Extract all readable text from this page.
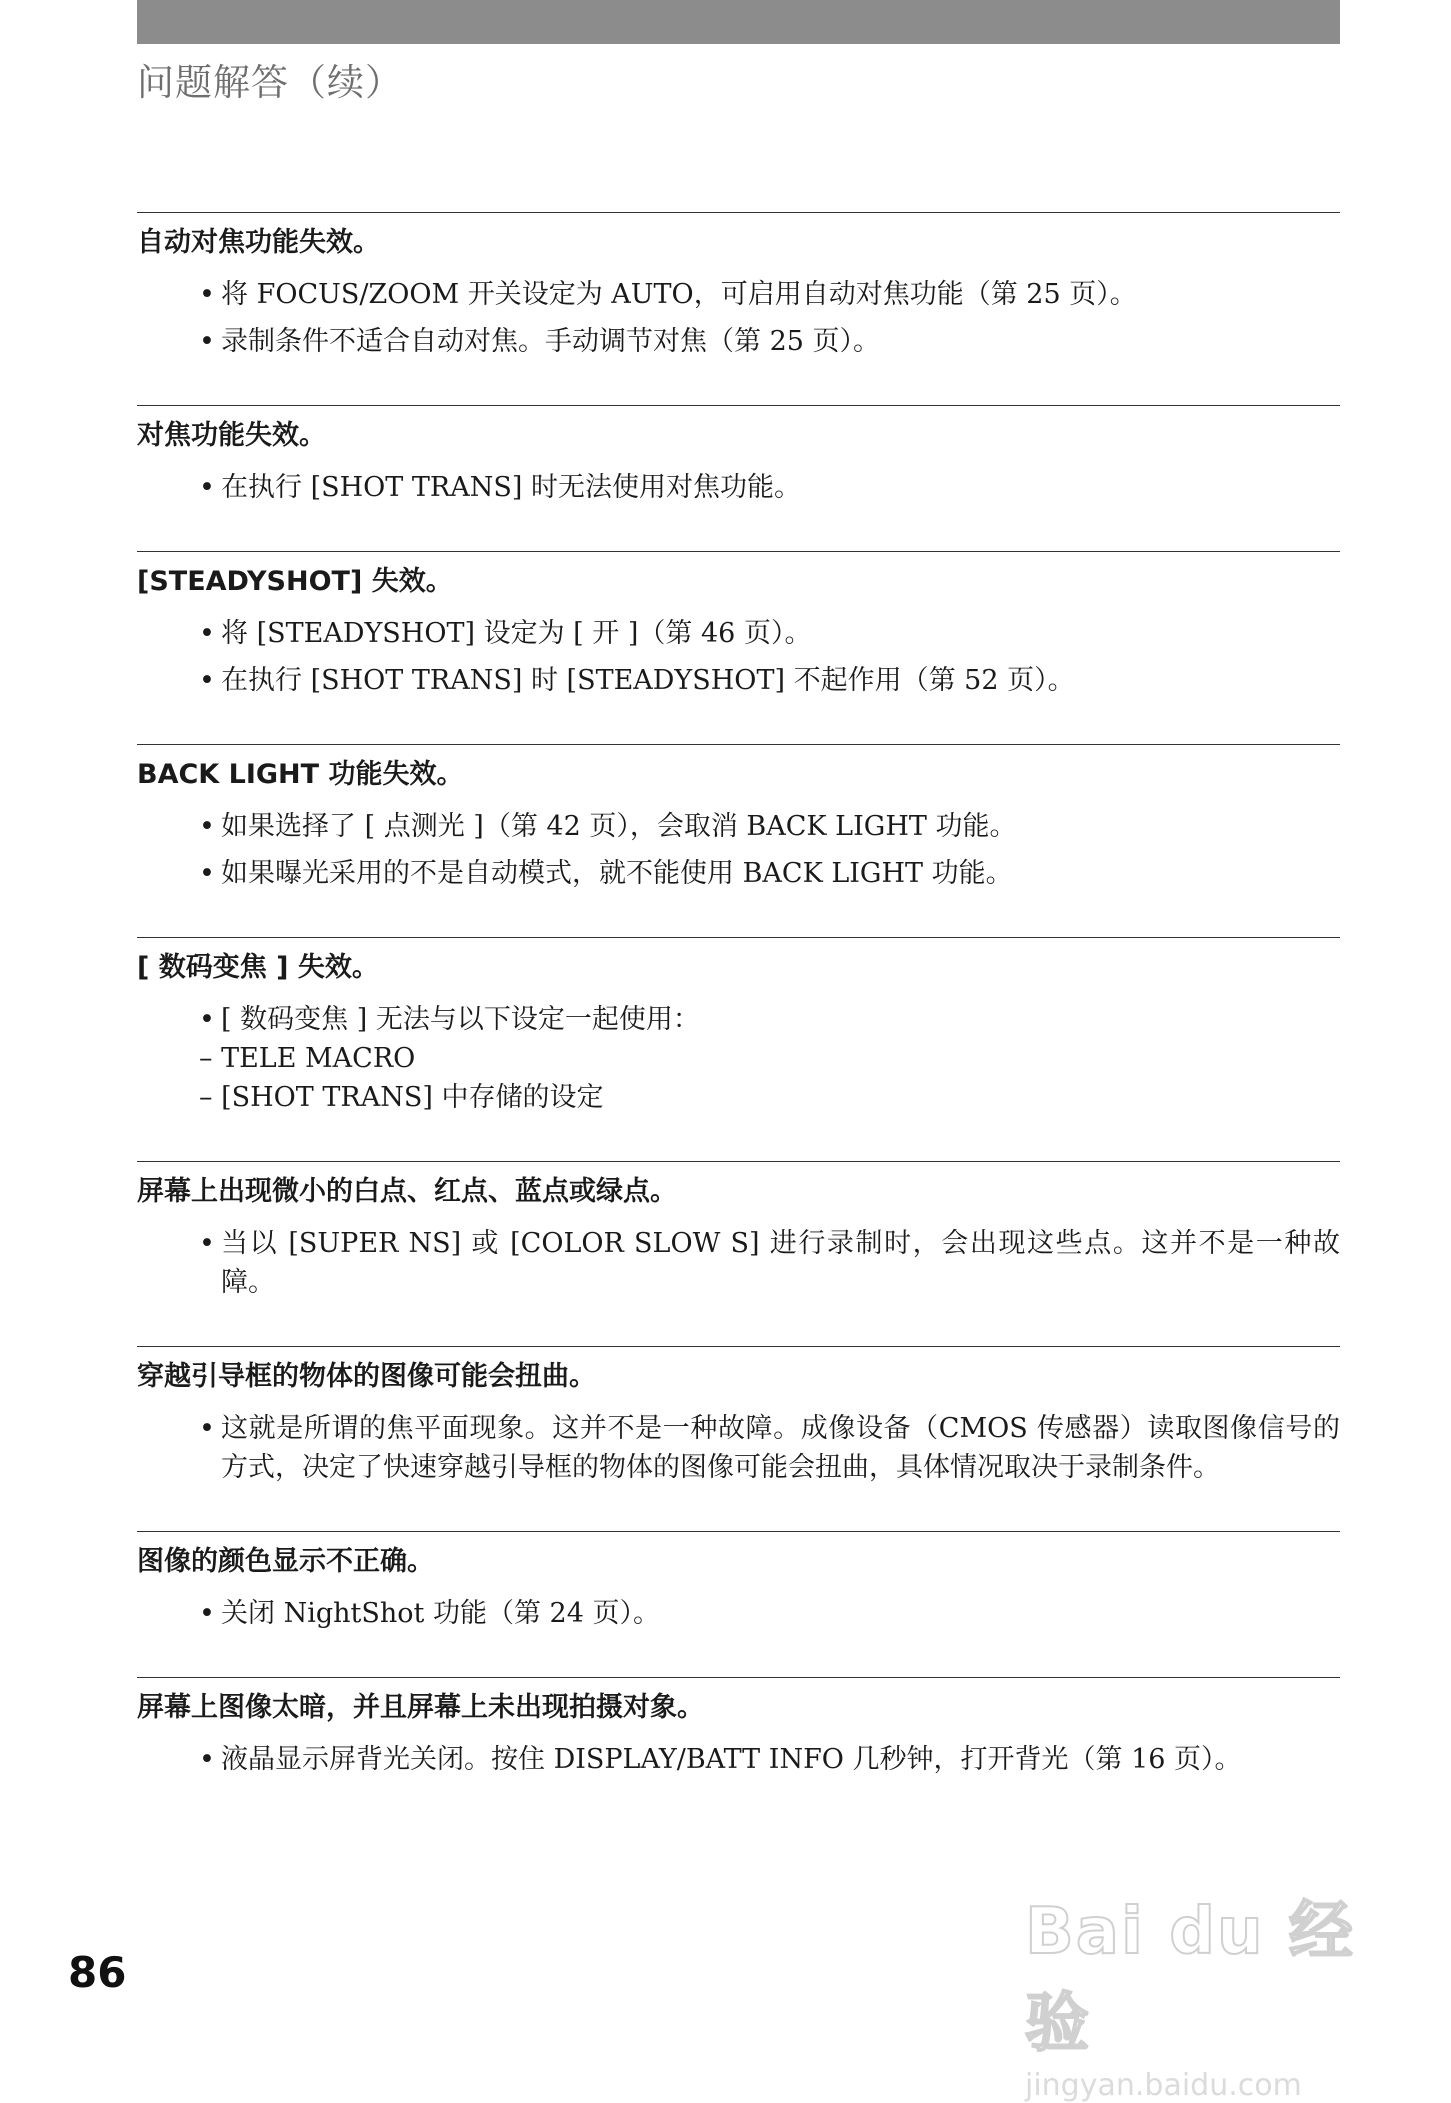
问题解答（续）
自动对焦功能失效。
• 将 FOCUS/ZOOM 开关设定为 AUTO，可启用自动对焦功能（第 25 页）。
• 录制条件不适合自动对焦。手动调节对焦（第 25 页）。
对焦功能失效。
• 在执行 [SHOT TRANS] 时无法使用对焦功能。
[STEADYSHOT] 失效。
• 将 [STEADYSHOT] 设定为 [ 开 ]（第 46 页）。
• 在执行 [SHOT TRANS] 时 [STEADYSHOT] 不起作用（第 52 页）。
BACK LIGHT 功能失效。
• 如果选择了 [ 点测光 ]（第 42 页），会取消 BACK LIGHT 功能。
• 如果曝光采用的不是自动模式，就不能使用 BACK LIGHT 功能。
[ 数码变焦 ] 失效。
• [ 数码变焦 ] 无法与以下设定一起使用：
– TELE MACRO
– [SHOT TRANS] 中存储的设定
屏幕上出现微小的白点、红点、蓝点或绿点。
• 当以 [SUPER NS] 或 [COLOR SLOW S] 进行录制时，会出现这些点。这并不是一种故障。
穿越引导框的物体的图像可能会扭曲。
• 这就是所谓的焦平面现象。这并不是一种故障。成像设备（CMOS 传感器）读取图像信号的方式，决定了快速穿越引导框的物体的图像可能会扭曲，具体情况取决于录制条件。
图像的颜色显示不正确。
• 关闭 NightShot 功能（第 24 页）。
屏幕上图像太暗，并且屏幕上未出现拍摄对象。
• 液晶显示屏背光关闭。按住 DISPLAY/BATT INFO 几秒钟，打开背光（第 16 页）。
86
Bai du 经验
jingyan.baidu.com
